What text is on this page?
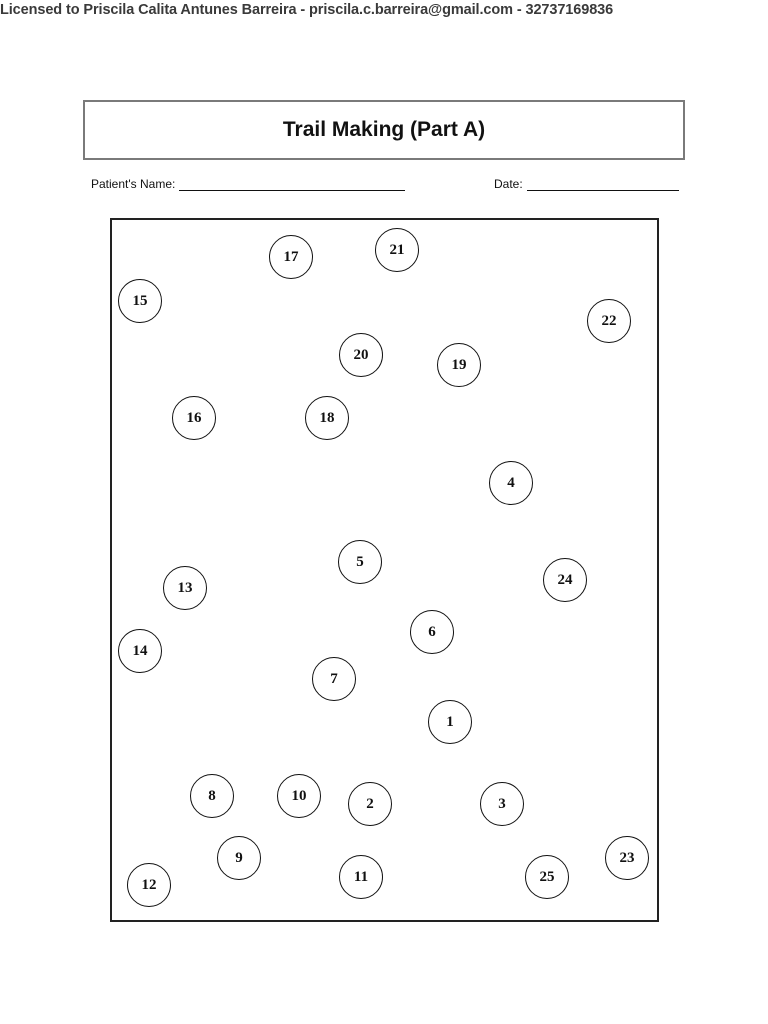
Licensed to Priscila Calita Antunes Barreira - priscila.c.barreira@gmail.com - 32737169836
Trail Making (Part A)
Patient's Name:	Date:
1
2	3
4
5
6
7
8
9
10
11
12
13
14
15
16
17
18
19
20
21
22
23
24
25
